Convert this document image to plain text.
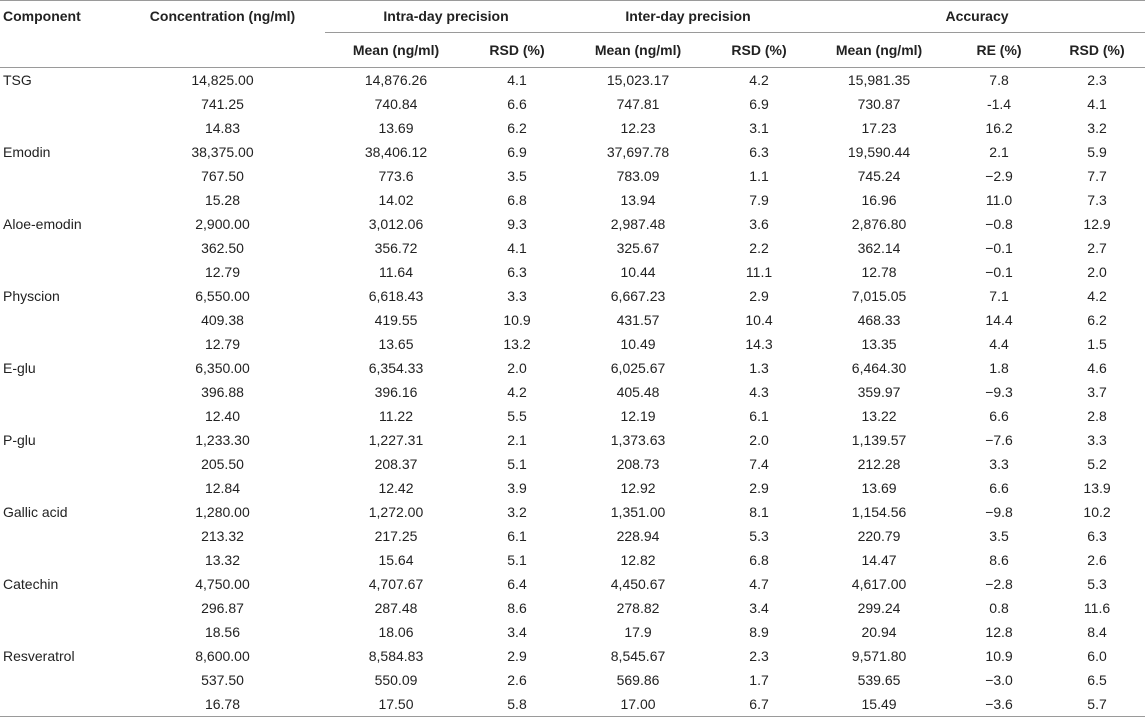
Component	Concentration (ng/ml)	Intra-day precision		Inter-day precision		Accuracy		

		Mean (ng/ml)	RSD (%)	Mean (ng/ml)	RSD (%)	Mean (ng/ml)	RE (%)	RSD (%)
TSG	14,825.00	14,876.26	4.1	15,023.17	4.2	15,981.35	7.8	2.3
	741.25	740.84	6.6	747.81	6.9	730.87	-1.4	4.1
	14.83	13.69	6.2	12.23	3.1	17.23	16.2	3.2
Emodin	38,375.00	38,406.12	6.9	37,697.78	6.3	19,590.44	2.1	5.9
	767.50	773.6	3.5	783.09	1.1	745.24	−2.9	7.7
	15.28	14.02	6.8	13.94	7.9	16.96	11.0	7.3
Aloe-emodin	2,900.00	3,012.06	9.3	2,987.48	3.6	2,876.80	−0.8	12.9
	362.50	356.72	4.1	325.67	2.2	362.14	−0.1	2.7
	12.79	11.64	6.3	10.44	11.1	12.78	−0.1	2.0
Physcion	6,550.00	6,618.43	3.3	6,667.23	2.9	7,015.05	7.1	4.2
	409.38	419.55	10.9	431.57	10.4	468.33	14.4	6.2
	12.79	13.65	13.2	10.49	14.3	13.35	4.4	1.5
E-glu	6,350.00	6,354.33	2.0	6,025.67	1.3	6,464.30	1.8	4.6
	396.88	396.16	4.2	405.48	4.3	359.97	−9.3	3.7
	12.40	11.22	5.5	12.19	6.1	13.22	6.6	2.8
P-glu	1,233.30	1,227.31	2.1	1,373.63	2.0	1,139.57	−7.6	3.3
	205.50	208.37	5.1	208.73	7.4	212.28	3.3	5.2
	12.84	12.42	3.9	12.92	2.9	13.69	6.6	13.9
Gallic acid	1,280.00	1,272.00	3.2	1,351.00	8.1	1,154.56	−9.8	10.2
	213.32	217.25	6.1	228.94	5.3	220.79	3.5	6.3
	13.32	15.64	5.1	12.82	6.8	14.47	8.6	2.6
Catechin	4,750.00	4,707.67	6.4	4,450.67	4.7	4,617.00	−2.8	5.3
	296.87	287.48	8.6	278.82	3.4	299.24	0.8	11.6
	18.56	18.06	3.4	17.9	8.9	20.94	12.8	8.4
Resveratrol	8,600.00	8,584.83	2.9	8,545.67	2.3	9,571.80	10.9	6.0
	537.50	550.09	2.6	569.86	1.7	539.65	−3.0	6.5
	16.78	17.50	5.8	17.00	6.7	15.49	−3.6	5.7
